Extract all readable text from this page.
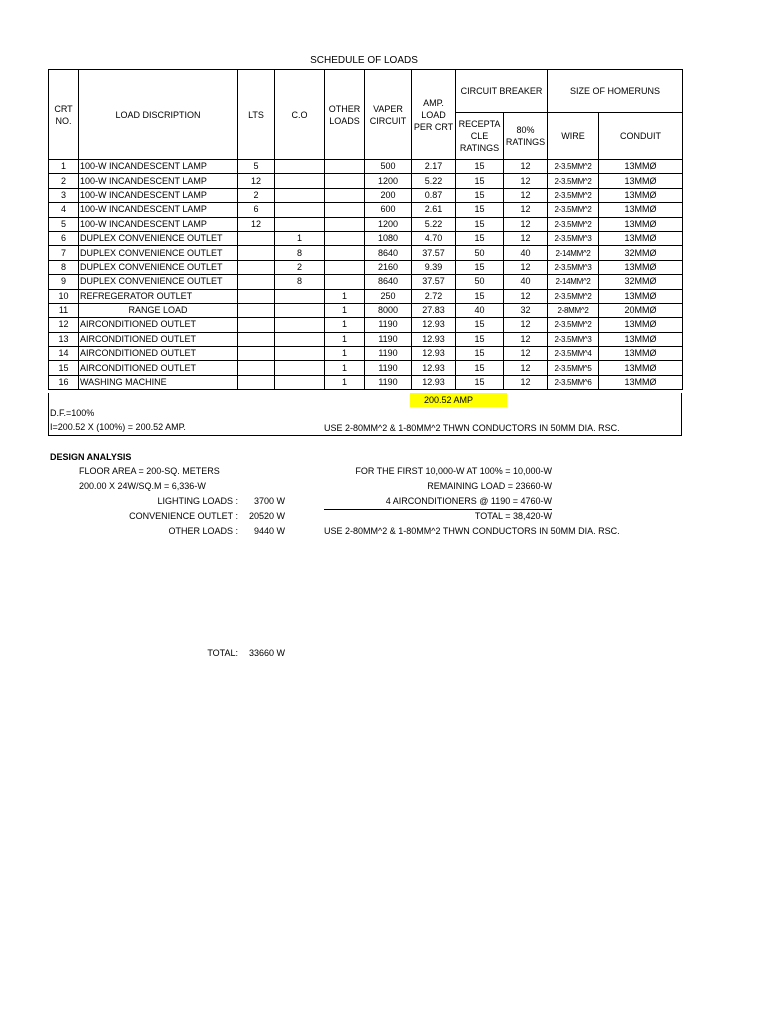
SCHEDULE OF LOADS
CRT NO.	LOAD DISCRIPTION	LTS	C.O	OTHER LOADS	VAPER CIRCUIT	AMP. LOAD PER CRT	CIRCUIT BREAKER		SIZE OF HOMERUNS	
							RECEPTA CLE RATINGS	80% RATINGS	WIRE	CONDUIT
1	100-W INCANDESCENT LAMP	5			500	2.17	15	12	2-3.5MM^2	13MMØ
2	100-W INCANDESCENT LAMP	12			1200	5.22	15	12	2-3.5MM^2	13MMØ
3	100-W INCANDESCENT LAMP	2			200	0.87	15	12	2-3.5MM^2	13MMØ
4	100-W INCANDESCENT LAMP	6			600	2.61	15	12	2-3.5MM^2	13MMØ
5	100-W INCANDESCENT LAMP	12			1200	5.22	15	12	2-3.5MM^2	13MMØ
6	DUPLEX CONVENIENCE OUTLET		1		1080	4.70	15	12	2-3.5MM^3	13MMØ
7	DUPLEX CONVENIENCE OUTLET		8		8640	37.57	50	40	2-14MM^2	32MMØ
8	DUPLEX CONVENIENCE OUTLET		2		2160	9.39	15	12	2-3.5MM^3	13MMØ
9	DUPLEX CONVENIENCE OUTLET		8		8640	37.57	50	40	2-14MM^2	32MMØ
10	REFREGERATOR OUTLET			1	250	2.72	15	12	2-3.5MM^2	13MMØ
11	RANGE LOAD			1	8000	27.83	40	32	2-8MM^2	20MMØ
12	AIRCONDITIONED OUTLET			1	1190	12.93	15	12	2-3.5MM^2	13MMØ
13	AIRCONDITIONED OUTLET			1	1190	12.93	15	12	2-3.5MM^3	13MMØ
14	AIRCONDITIONED OUTLET			1	1190	12.93	15	12	2-3.5MM^4	13MMØ
15	AIRCONDITIONED OUTLET			1	1190	12.93	15	12	2-3.5MM^5	13MMØ
16	WASHING MACHINE			1	1190	12.93	15	12	2-3.5MM^6	13MMØ
200.52 AMP
D.F.=100%
I=200.52 X (100%) = 200.52 AMP.	USE 2-80MM^2 & 1-80MM^2 THWN CONDUCTORS IN 50MM DIA. RSC.
DESIGN ANALYSIS
FLOOR AREA = 200-SQ. METERS
200.00 X 24W/SQ.M = 6,336-W
LIGHTING LOADS :	3700 W
CONVENIENCE OUTLET :	20520 W
OTHER LOADS :	9440 W
FOR THE FIRST 10,000-W AT 100% = 10,000-W
REMAINING LOAD = 23660-W
4 AIRCONDITIONERS @ 1190 = 4760-W
TOTAL = 38,420-W
USE 2-80MM^2 & 1-80MM^2 THWN CONDUCTORS IN 50MM DIA. RSC.
TOTAL:	33660 W
